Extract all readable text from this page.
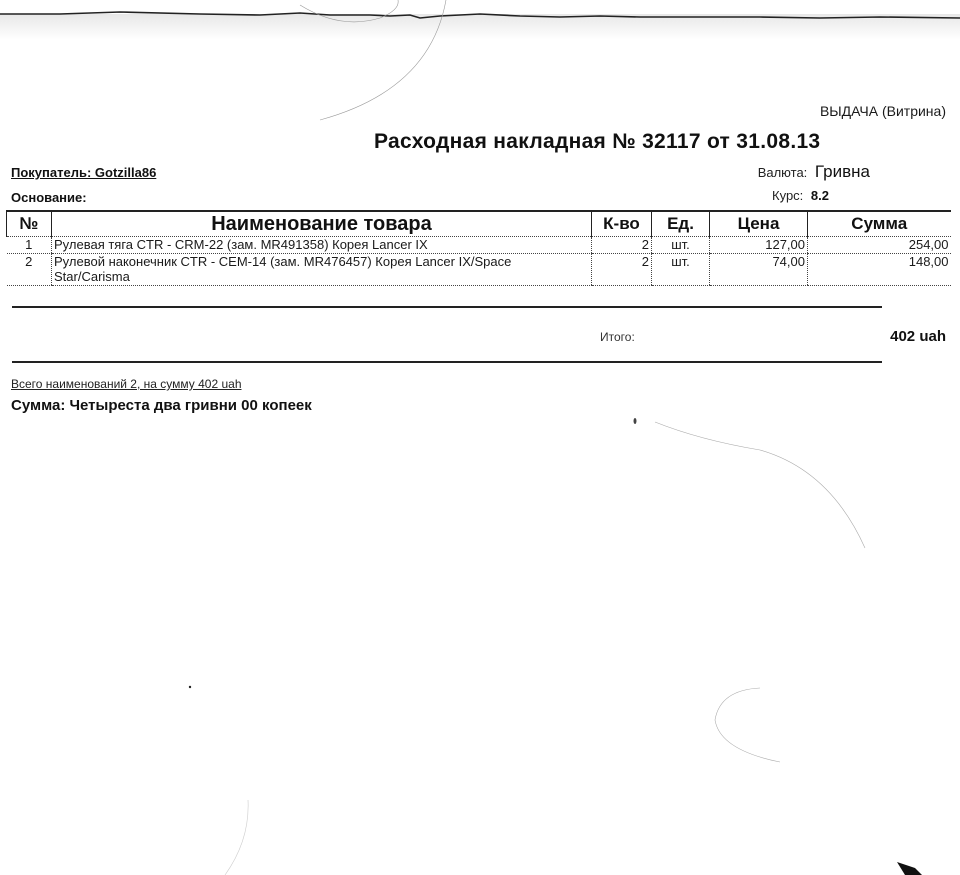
ВЫДАЧА (Витрина)
Расходная накладная № 32117 от 31.08.13
Покупатель: Gotzilla86
Основание:
Валюта: Гривна
Курс: 8.2
№	Наименование товара	К-во	Ед.	Цена	Сумма
1	Рулевая тяга CTR - CRM-22 (зам. MR491358) Корея Lancer IX	2	шт.	127,00	254,00
2	Рулевой наконечник CTR - CEM-14 (зам. MR476457) Корея Lancer IX/Space Star/Carisma	2	шт.	74,00	148,00
Итого:	402 uah
Всего наименований 2, на сумму 402 uah
Сумма: Четыреста два гривни 00 копеек
